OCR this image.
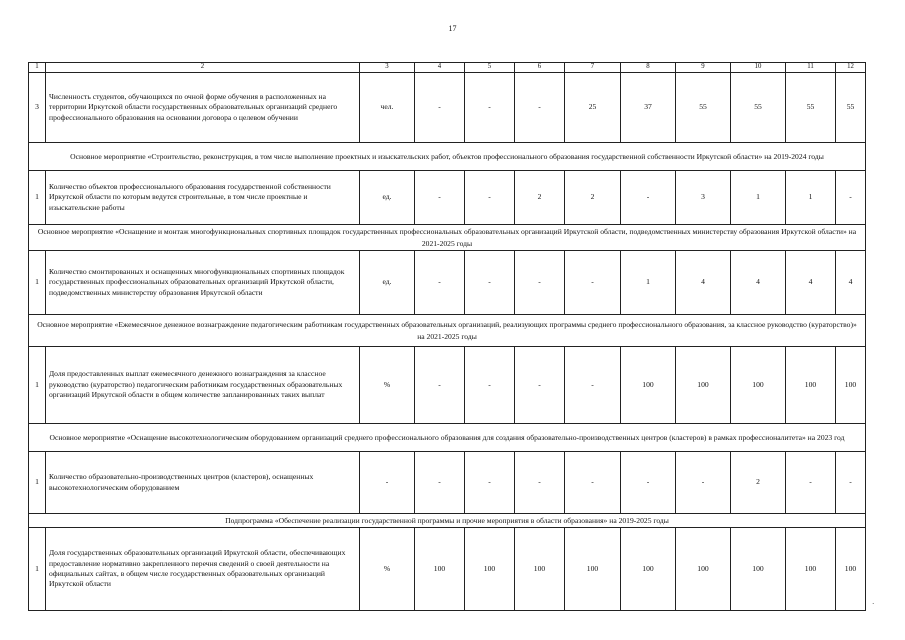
17
1	2	3	4	5	6	7	8	9	10	11	12
3	Численность студентов, обучающихся по очной форме обучения в расположенных на территории Иркутской области государственных образовательных организаций среднего профессионального образования на основании договора о целевом обучении	чел.	-	-	-	25	37	55	55	55	55
Основное мероприятие «Строительство, реконструкция, в том числе выполнение проектных и изыскательских работ, объектов профессионального образования государственной собственности Иркутской области» на 2019-2024 годы											
1	Количество объектов профессионального образования государственной собственности Иркутской области по которым ведутся строительные, в том числе проектные и изыскательские работы	ед.	-	-	2	2	-	3	1	1	-
Основное мероприятие «Оснащение и монтаж многофункциональных спортивных площадок государственных профессиональных образовательных организаций Иркутской области, подведомственных министерству образования Иркутской области» на 2021-2025 годы											
1	Количество смонтированных и оснащенных многофункциональных спортивных площадок государственных профессиональных образовательных организаций Иркутской области, подведомственных министерству образования Иркутской области	ед.	-	-	-	-	1	4	4	4	4
Основное мероприятие «Ежемесячное денежное вознаграждение педагогическим работникам государственных образовательных организаций, реализующих программы среднего профессионального образования, за классное руководство (кураторство)» на 2021-2025 годы											
1	Доля предоставленных выплат ежемесячного денежного вознаграждения за классное руководство (кураторство) педагогическим работникам государственных образовательных организаций Иркутской области в общем количестве запланированных таких выплат	%	-	-	-	-	100	100	100	100	100
Основное мероприятие «Оснащение высокотехнологическим оборудованием организаций среднего профессионального образования для создания образовательно-производственных центров (кластеров) в рамках профессионалитета» на 2023 год											
1	Количество образовательно-производственных центров (кластеров), оснащенных высокотехнологическим оборудованием	-	-	-	-	-	-	-	2	-	-
Подпрограмма «Обеспечение реализации государственной программы и прочие мероприятия в области образования» на 2019-2025 годы											
1	Доля государственных образовательных организаций Иркутской области, обеспечивающих предоставление нормативно закрепленного перечня сведений о своей деятельности на официальных сайтах, в общем числе государственных образовательных организаций Иркутской области	%	100	100	100	100	100	100	100	100	100
-
·
